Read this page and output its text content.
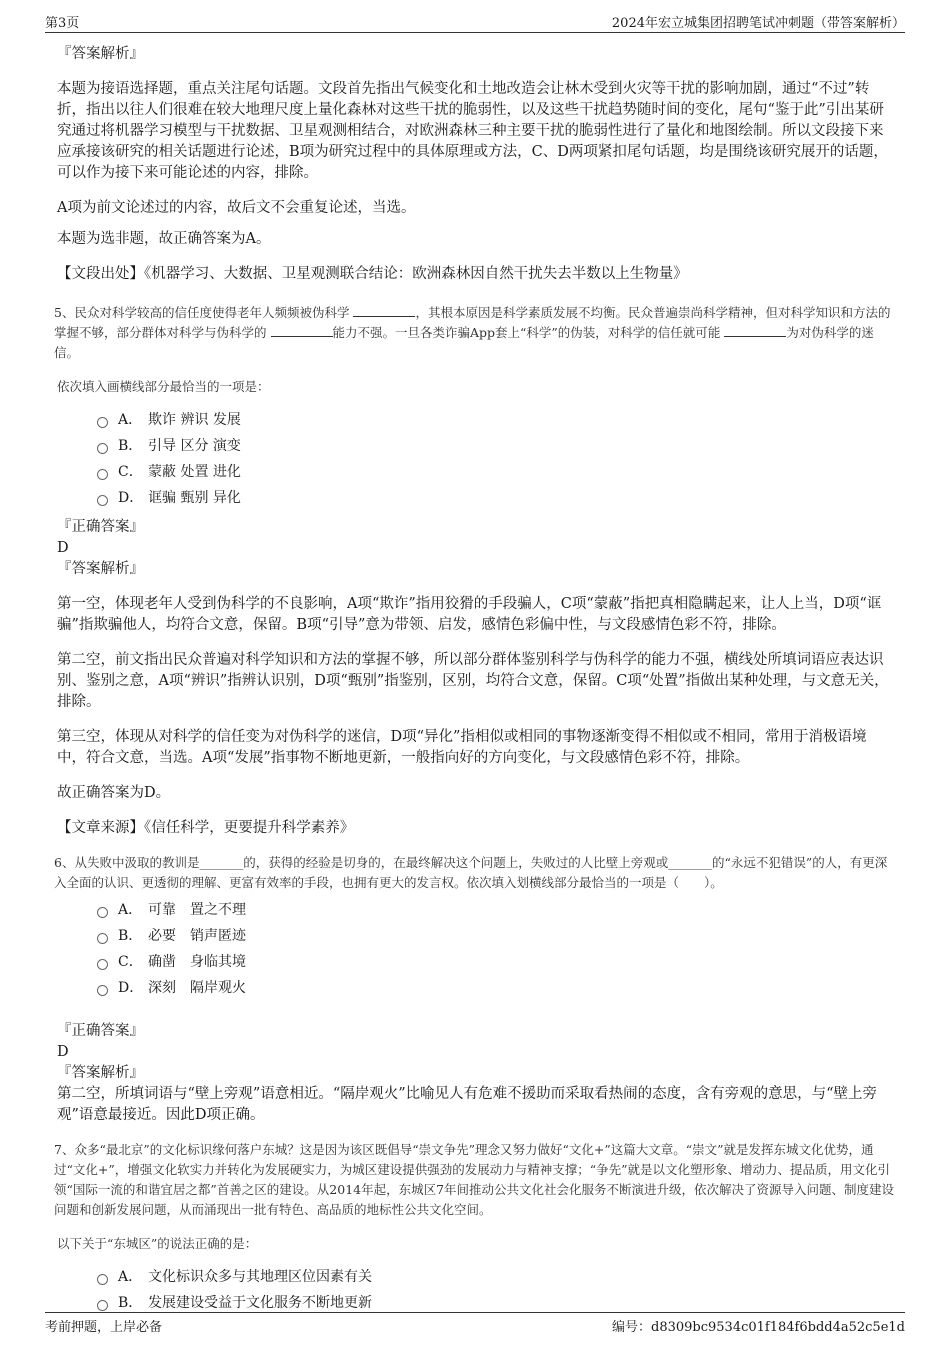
第3页	2024年宏立城集团招聘笔试冲刺题（带答案解析）

『答案解析』

本题为接语选择题，重点关注尾句话题。文段首先指出气候变化和土地改造会让林木受到火灾等干扰的影响加剧，通过“不过”转折，指出以往人们很难在较大地理尺度上量化森林对这些干扰的脆弱性，以及这些干扰趋势随时间的变化，尾句“鉴于此”引出某研究通过将机器学习模型与干扰数据、卫星观测相结合，对欧洲森林三种主要干扰的脆弱性进行了量化和地图绘制。所以文段接下来应承接该研究的相关话题进行论述，B项为研究过程中的具体原理或方法，C、D两项紧扣尾句话题，均是围绕该研究展开的话题，可以作为接下来可能论述的内容，排除。

A项为前文论述过的内容，故后文不会重复论述，当选。

本题为选非题，故正确答案为A。

【文段出处】《机器学习、大数据、卫星观测联合结论：欧洲森林因自然干扰失去半数以上生物量》

5、民众对科学较高的信任度使得老年人频频被伪科学	，其根本原因是科学素质发展不均衡。民众普遍崇尚科学精神，但对科学知识和方法的掌握不够，部分群体对科学与伪科学的	能力不强。一旦各类诈骗App套上“科学”的伪装，对科学的信任就可能	为对伪科学的迷信。

依次填入画横线部分最恰当的一项是：

A． 欺诈 辨识 发展
B． 引导 区分 演变
C． 蒙蔽 处置 进化
D． 诓骗 甄别 异化

『正确答案』

D

『答案解析』

第一空，体现老年人受到伪科学的不良影响，A项“欺诈”指用狡猾的手段骗人，C项“蒙蔽”指把真相隐瞒起来，让人上当，D项“诓骗”指欺骗他人，均符合文意，保留。B项“引导”意为带领、启发，感情色彩偏中性，与文段感情色彩不符，排除。

第二空，前文指出民众普遍对科学知识和方法的掌握不够，所以部分群体鉴别科学与伪科学的能力不强，横线处所填词语应表达识别、鉴别之意，A项“辨识”指辨认识别，D项“甄别”指鉴别，区别，均符合文意，保留。C项“处置”指做出某种处理，与文意无关，排除。

第三空，体现从对科学的信任变为对伪科学的迷信，D项“异化”指相似或相同的事物逐渐变得不相似或不相同，常用于消极语境中，符合文意，当选。A项“发展”指事物不断地更新，一般指向好的方向变化，与文段感情色彩不符，排除。

故正确答案为D。

【文章来源】《信任科学，更要提升科学素养》

6、从失败中汲取的教训是_______的，获得的经验是切身的，在最终解决这个问题上，失败过的人比壁上旁观或_______的“永远不犯错误”的人，有更深入全面的认识、更透彻的理解、更富有效率的手段，也拥有更大的发言权。依次填入划横线部分最恰当的一项是（　　）。

A． 可靠　置之不理
B． 必要　销声匿迹
C． 确凿　身临其境
D． 深刻　隔岸观火

『正确答案』

D

『答案解析』

第二空，所填词语与“壁上旁观”语意相近。“隔岸观火”比喻见人有危难不援助而采取看热闹的态度，含有旁观的意思，与“壁上旁观”语意最接近。因此D项正确。

7、众多“最北京”的文化标识缘何落户东城？这是因为该区既倡导“崇文争先”理念又努力做好“文化+”这篇大文章。“崇文”就是发挥东城文化优势，通过“文化+”，增强文化软实力并转化为发展硬实力，为城区建设提供强劲的发展动力与精神支撑；“争先”就是以文化塑形象、增动力、提品质，用文化引领“国际一流的和谐宜居之都”首善之区的建设。从2014年起，东城区7年间推动公共文化社会化服务不断演进升级，依次解决了资源导入问题、制度建设问题和创新发展问题，从而涌现出一批有特色、高品质的地标性公共文化空间。

以下关于“东城区”的说法正确的是：

A． 文化标识众多与其地理区位因素有关
B． 发展建设受益于文化服务不断地更新
考前押题，上岸必备	编号：d8309bc9534c01f184f6bdd4a52c5e1d
